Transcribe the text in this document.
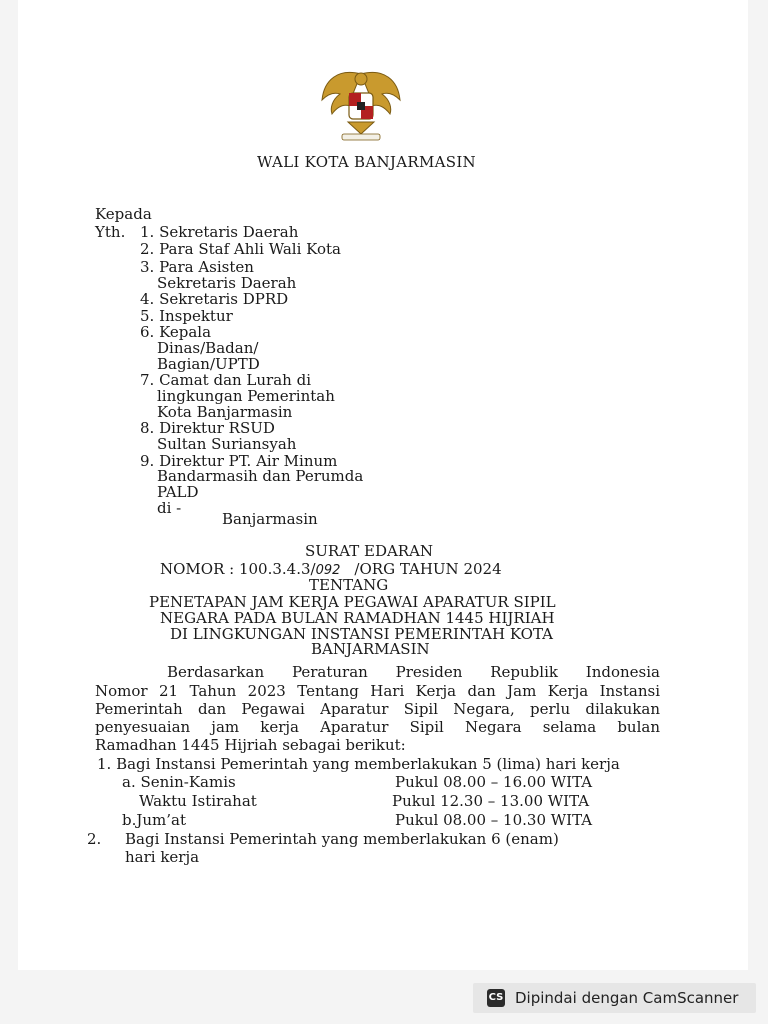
WALI KOTA BANJARMASIN
Kepada
Yth. 1. Sekretaris Daerah
2. Para Staf Ahli Wali Kota
3. Para Asisten
Sekretaris Daerah
4. Sekretaris DPRD
5. Inspektur
6. Kepala
Dinas/Badan/
Bagian/UPTD
7. Camat dan Lurah di
lingkungan Pemerintah
Kota Banjarmasin
8. Direktur RSUD
Sultan Suriansyah
9. Direktur PT. Air Minum
Bandarmasih dan Perumda
PALD
di -
Banjarmasin
SURAT EDARAN
NOMOR : 100.3.4.3/092 /ORG TAHUN 2024
TENTANG
PENETAPAN JAM KERJA PEGAWAI APARATUR SIPIL
NEGARA PADA BULAN RAMADHAN 1445 HIJRIAH
DI LINGKUNGAN INSTANSI PEMERINTAH KOTA
BANJARMASIN
Berdasarkan Peraturan Presiden Republik Indonesia
Nomor 21 Tahun 2023 Tentang Hari Kerja dan Jam Kerja Instansi
Pemerintah dan Pegawai Aparatur Sipil Negara, perlu dilakukan
penyesuaian jam kerja Aparatur Sipil Negara selama bulan
Ramadhan 1445 Hijriah sebagai berikut:
1. Bagi Instansi Pemerintah yang memberlakukan 5 (lima) hari kerja
a. Senin-Kamis	Pukul 08.00 – 16.00 WITA
Waktu Istirahat	Pukul 12.30 – 13.00 WITA
b.Jum’at	Pukul 08.00 – 10.30 WITA
2. Bagi Instansi Pemerintah yang memberlakukan 6 (enam)
hari kerja
CS Dipindai dengan CamScanner
